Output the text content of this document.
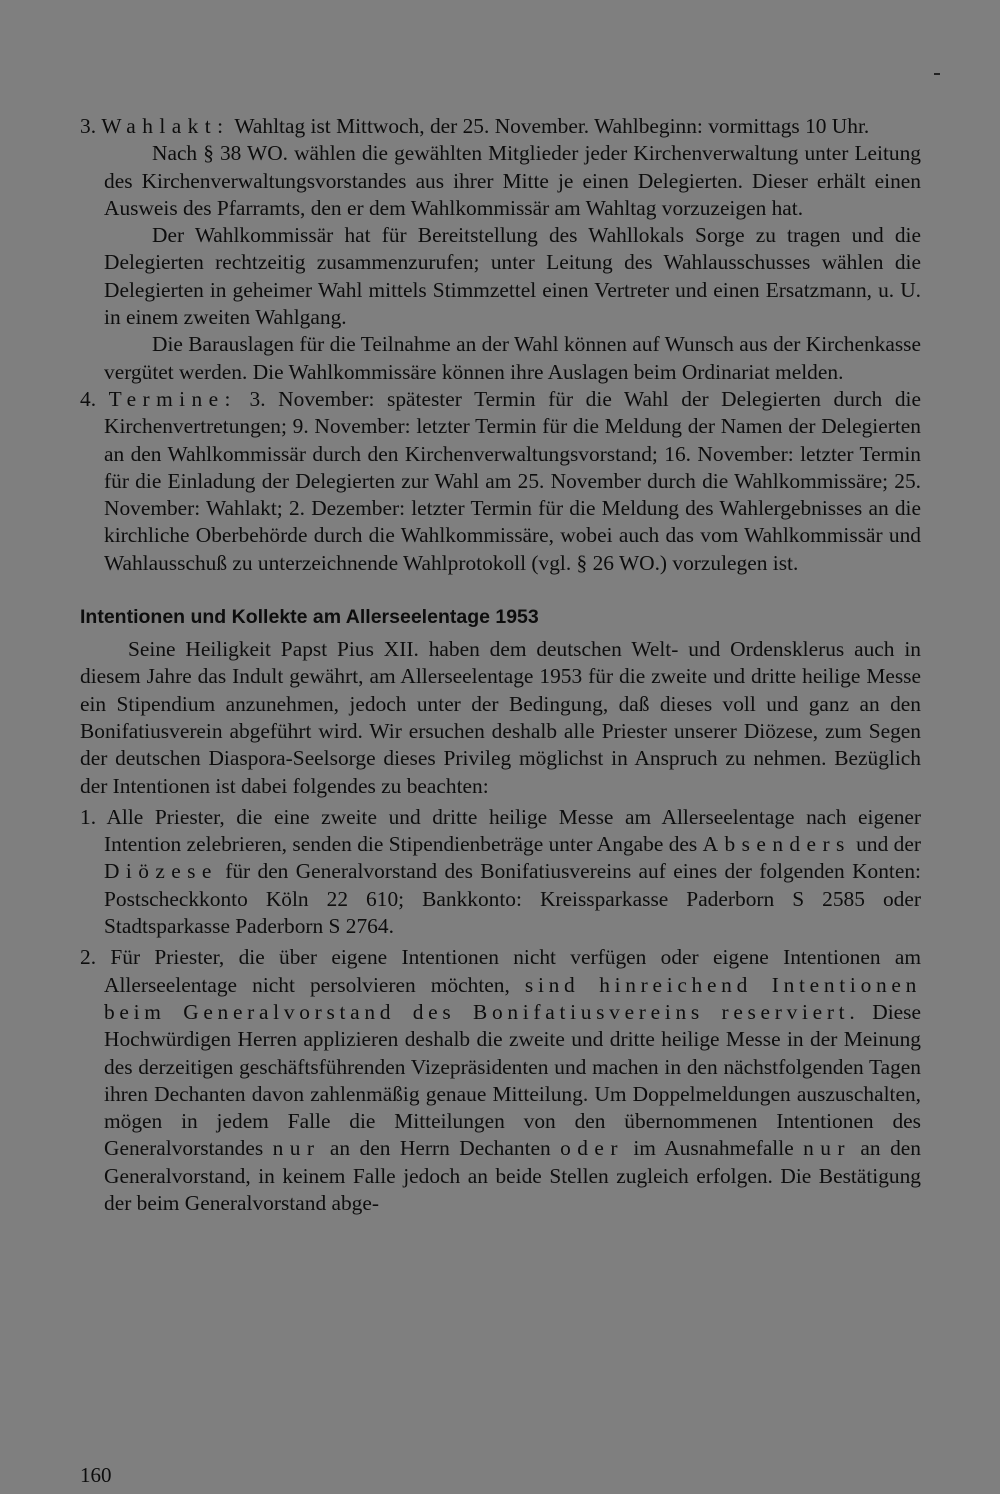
3. Wahlakt: Wahltag ist Mittwoch, der 25. November. Wahlbeginn: vormittags 10 Uhr.

Nach § 38 WO. wählen die gewählten Mitglieder jeder Kirchenverwaltung unter Leitung des Kirchenverwaltungsvorstandes aus ihrer Mitte je einen Delegierten. Dieser erhält einen Ausweis des Pfarramts, den er dem Wahlkommissär am Wahltag vorzuzeigen hat.

Der Wahlkommissär hat für Bereitstellung des Wahllokals Sorge zu tragen und die Delegierten rechtzeitig zusammenzurufen; unter Leitung des Wahlausschusses wählen die Delegierten in geheimer Wahl mittels Stimmzettel einen Vertreter und einen Ersatzmann, u. U. in einem zweiten Wahlgang.

Die Barauslagen für die Teilnahme an der Wahl können auf Wunsch aus der Kirchenkasse vergütet werden. Die Wahlkommissäre können ihre Auslagen beim Ordinariat melden.

4. Termine: 3. November: spätester Termin für die Wahl der Delegierten durch die Kirchenvertretungen; 9. November: letzter Termin für die Meldung der Namen der Delegierten an den Wahlkommissär durch den Kirchenverwaltungsvorstand; 16. November: letzter Termin für die Einladung der Delegierten zur Wahl am 25. November durch die Wahlkommissäre; 25. November: Wahlakt; 2. Dezember: letzter Termin für die Meldung des Wahlergebnisses an die kirchliche Oberbehörde durch die Wahlkommissäre, wobei auch das vom Wahlkommissär und Wahlausschuß zu unterzeichnende Wahlprotokoll (vgl. § 26 WO.) vorzulegen ist.

Intentionen und Kollekte am Allerseelentage 1953

Seine Heiligkeit Papst Pius XII. haben dem deutschen Welt- und Ordensklerus auch in diesem Jahre das Indult gewährt, am Allerseelentage 1953 für die zweite und dritte heilige Messe ein Stipendium anzunehmen, jedoch unter der Bedingung, daß dieses voll und ganz an den Bonifatiusverein abgeführt wird. Wir ersuchen deshalb alle Priester unserer Diözese, zum Segen der deutschen Diaspora-Seelsorge dieses Privileg möglichst in Anspruch zu nehmen. Bezüglich der Intentionen ist dabei folgendes zu beachten:

1. Alle Priester, die eine zweite und dritte heilige Messe am Allerseelentage nach eigener Intention zelebrieren, senden die Stipendienbeträge unter Angabe des Absenders und der Diözese für den Generalvorstand des Bonifatiusvereins auf eines der folgenden Konten: Postscheckkonto Köln 22 610; Bankkonto: Kreissparkasse Paderborn S 2585 oder Stadtsparkasse Paderborn S 2764.

2. Für Priester, die über eigene Intentionen nicht verfügen oder eigene Intentionen am Allerseelentage nicht persolvieren möchten, sind hinreichend Intentionen beim Generalvorstand des Bonifatiusvereins reserviert. Diese Hochwürdigen Herren applizieren deshalb die zweite und dritte heilige Messe in der Meinung des derzeitigen geschäftsführenden Vizepräsidenten und machen in den nächstfolgenden Tagen ihren Dechanten davon zahlenmäßig genaue Mitteilung. Um Doppelmeldungen auszuschalten, mögen in jedem Falle die Mitteilungen von den übernommenen Intentionen des Generalvorstandes nur an den Herrn Dechanten oder im Ausnahmefalle nur an den Generalvorstand, in keinem Falle jedoch an beide Stellen zugleich erfolgen. Die Bestätigung der beim Generalvorstand abge-

160
